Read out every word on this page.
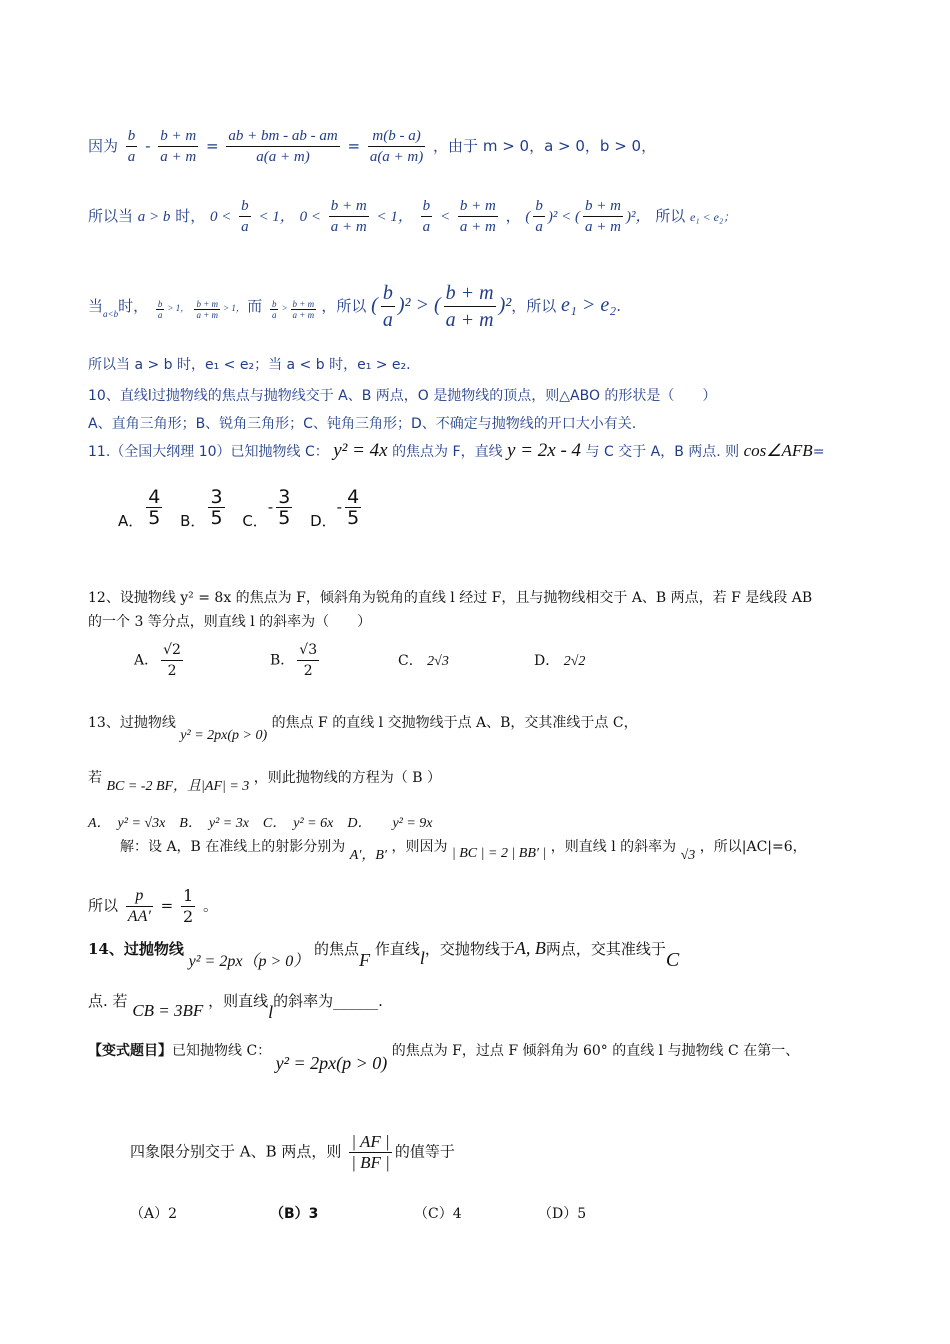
因为 $\frac{b}{a} - \frac{b + m}{a + m} = \frac{ab + bm - ab - am}{a(a + m)} = \frac{m(b - a)}{a(a + m)}$ ，由于 m > 0，a > 0，b > 0，
所以当 a > b 时， $0 < \frac{b}{a} < 1$， $0 < \frac{b + m}{a + m} < 1$， $\frac{b}{a} < \frac{b + m}{a + m}$ ， ( $\frac{b}{a} )^2$ < ( $\frac{b + m}{a + m} )^2$， 所以 e₁ < e₂；
当$_{a<b}$时， $\frac{b}{a} > 1$， $\frac{b + m}{a + m} > 1$， 而 $\frac{b}{a} > \frac{b + m}{a + m}$ ，所以 ( $\frac{b}{a} )^2$ > ( $\frac{b + m}{a + m} )^2$，所以 e₁ > e₂.
所以当 a > b 时，e₁ < e₂；当 a < b 时，e₁ > e₂.
10、直线l过抛物线的焦点与抛物线交于 A、B 两点，O 是抛物线的顶点，则△ABO 的形状是（　　）
A、直角三角形；B、锐角三角形；C、钝角三角形；D、不确定与抛物线的开口大小有关.
11.（全国大纲理 10）已知抛物线 C： y² = 4x 的焦点为 F，直线 y = 2x - 4 与 C 交于 A，B 两点. 则 cos∠AFB=
A． $\frac{4}{5}$ B． $\frac{3}{5}$ C．- $\frac{3}{5}$ D．- $\frac{4}{5}$
12、设抛物线 y² = 8x 的焦点为 F，倾斜角为锐角的直线 l 经过 F，且与抛物线相交于 A、B 两点，若 F 是线段 AB
的一个 3 等分点，则直线 l 的斜率为（　　）
A． $\frac{√2}{2}$	B． $\frac{√3}{2}$	C． 2√3	D． 2√2
13、过抛物线 y² = 2px(p > 0) 的焦点 F 的直线 l 交抛物线于点 A、B，交其准线于点 C，
若 BC = -2 BF，且|AF| = 3 ，则此抛物线的方程为（ B ）
A．　y² = √3x　B．　y² = 3x　C．　y² = 6x　D．　　y² = 9x
解：设 A，B 在准线上的射影分别为 A′，B′ ，则因为 | BC | = 2 | BB′ | ，则直线 l 的斜率为 √3 ，所以|AC|=6，
所以 $\frac{p}{AA'} = \frac{1}{2}$ 。
14、过抛物线 y² = 2px（p > 0） 的焦点F 作直线l，交抛物线于A, B两点，交其准线于C
点. 若 CB = 3BF ，则直线l的斜率为______.
【变式题目】已知抛物线 C： y² = 2px(p > 0) 的焦点为 F，过点 F 倾斜角为 60° 的直线 l 与抛物线 C 在第一、
四象限分别交于 A、B 两点，则 $\frac{| AF |}{| BF |}$ 的值等于
（A）2	（B）3	（C）4	（D）5
